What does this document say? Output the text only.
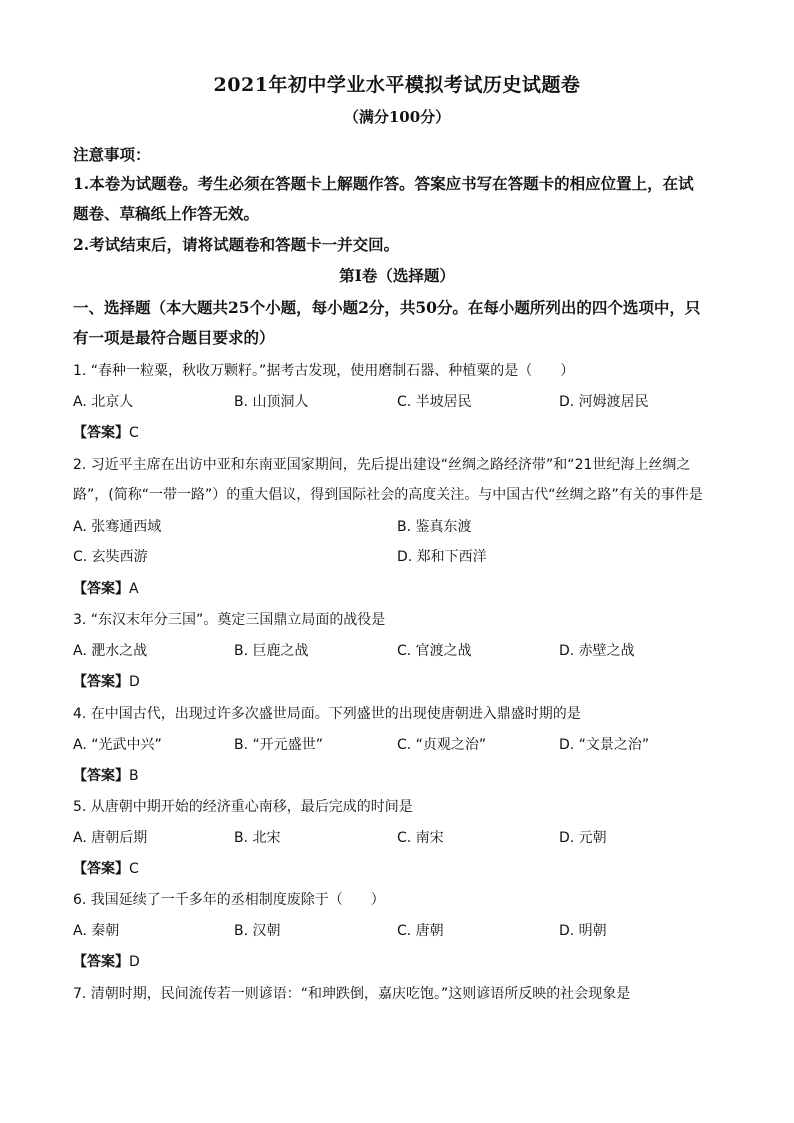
2021年初中学业水平模拟考试历史试题卷
（满分100分）
注意事项：
1.本卷为试题卷。考生必须在答题卡上解题作答。答案应书写在答题卡的相应位置上，在试
题卷、草稿纸上作答无效。
2.考试结束后，请将试题卷和答题卡一并交回。
第I卷（选择题）
一、选择题（本大题共25个小题，每小题2分，共50分。在每小题所列出的四个选项中，只
有一项是最符合题目要求的）
1. “春种一粒粟，秋收万颗籽。”据考古发现，使用磨制石器、种植粟的是（　　）
A. 北京人	B. 山顶洞人	C. 半坡居民	D. 河姆渡居民
【答案】C
2. 习近平主席在出访中亚和东南亚国家期间，先后提出建设“丝绸之路经济带”和“21世纪海上丝绸之
路”，(简称“一带一路”）的重大倡议，得到国际社会的高度关注。与中国古代“丝绸之路”有关的事件是
A. 张骞通西域	B. 鉴真东渡
C. 玄奘西游	D. 郑和下西洋
【答案】A
3. “东汉末年分三国”。奠定三国鼎立局面的战役是
A. 淝水之战	B. 巨鹿之战	C. 官渡之战	D. 赤壁之战
【答案】D
4. 在中国古代，出现过许多次盛世局面。下列盛世的出现使唐朝进入鼎盛时期的是
A. “光武中兴”	B. “开元盛世”	C. “贞观之治”	D. “文景之治”
【答案】B
5. 从唐朝中期开始的经济重心南移，最后完成的时间是
A. 唐朝后期	B. 北宋	C. 南宋	D. 元朝
【答案】C
6. 我国延续了一千多年的丞相制度废除于（　　）
A. 秦朝	B. 汉朝	C. 唐朝	D. 明朝
【答案】D
7. 清朝时期，民间流传若一则谚语：“和珅跌倒，嘉庆吃饱。”这则谚语所反映的社会现象是
